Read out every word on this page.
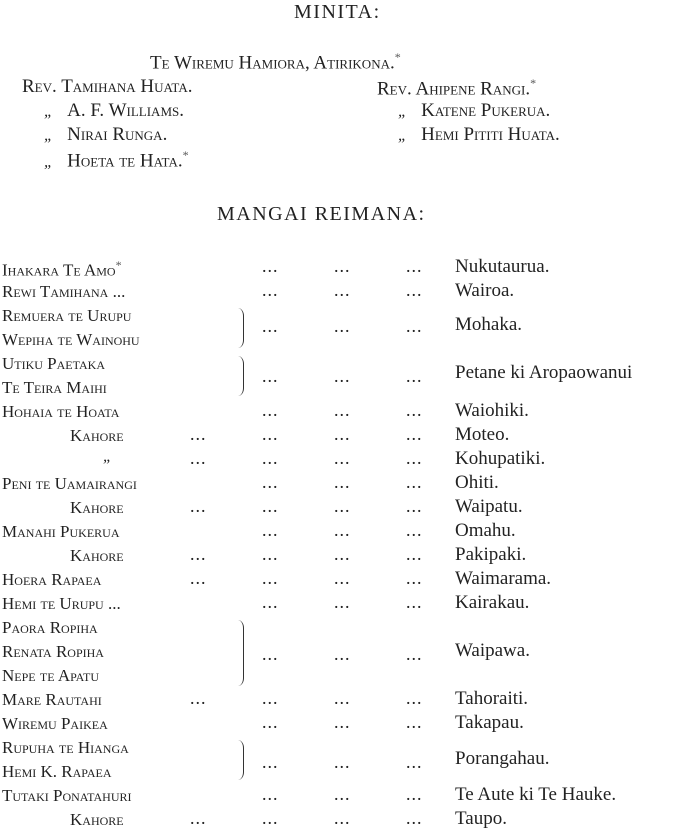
MINITA:
Te Wiremu Hamiora, Atirikona.*
Rev. Tamihana Huata.	Rev. Ahipene Rangi.*
„ A. F. Williams.	„ Katene Pukerua.
„ Nirai Runga.	„ Hemi Pititi Huata.
„ Hoeta te Hata.*
MANGAI REIMANA:
Ihakara Te Amo*	...	...	... Nukutaurua.
Rewi Tamihana ...	...	...	... Wairoa.
Remuera te Urupu
Wepiha te Wainohu
...	...	... Mohaka.
Utiku Paetaka
Te Teira Maihi
...	...	... Petane ki Aropaowanui
Hohaia te Hoata	...	...	... Waiohiki.
Kahore	...	...	...	... Moteo.
„	...	...	...	... Kohupatiki.
Peni te Uamairangi	...	...	... Ohiti.
Kahore	...	...	...	... Waipatu.
Manahi Pukerua	...	...	... Omahu.
Kahore	...	...	...	... Pakipaki.
Hoera Rapaea	...	...	...	... Waimarama.
Hemi te Urupu ...	...	...	... Kairakau.
Paora Ropiha
Renata Ropiha
Nepe te Apatu
...	...	... Waipawa.
Mare Rautahi	...	...	...	... Tahoraiti.
Wiremu Paikea	...	...	... Takapau.
Rupuha te Hianga
Hemi K. Rapaea	...	...	... Porangahau.
Tutaki Ponatahuri	...	...	... Te Aute ki Te Hauke.
Kahore	...	...	...	... Taupo.
